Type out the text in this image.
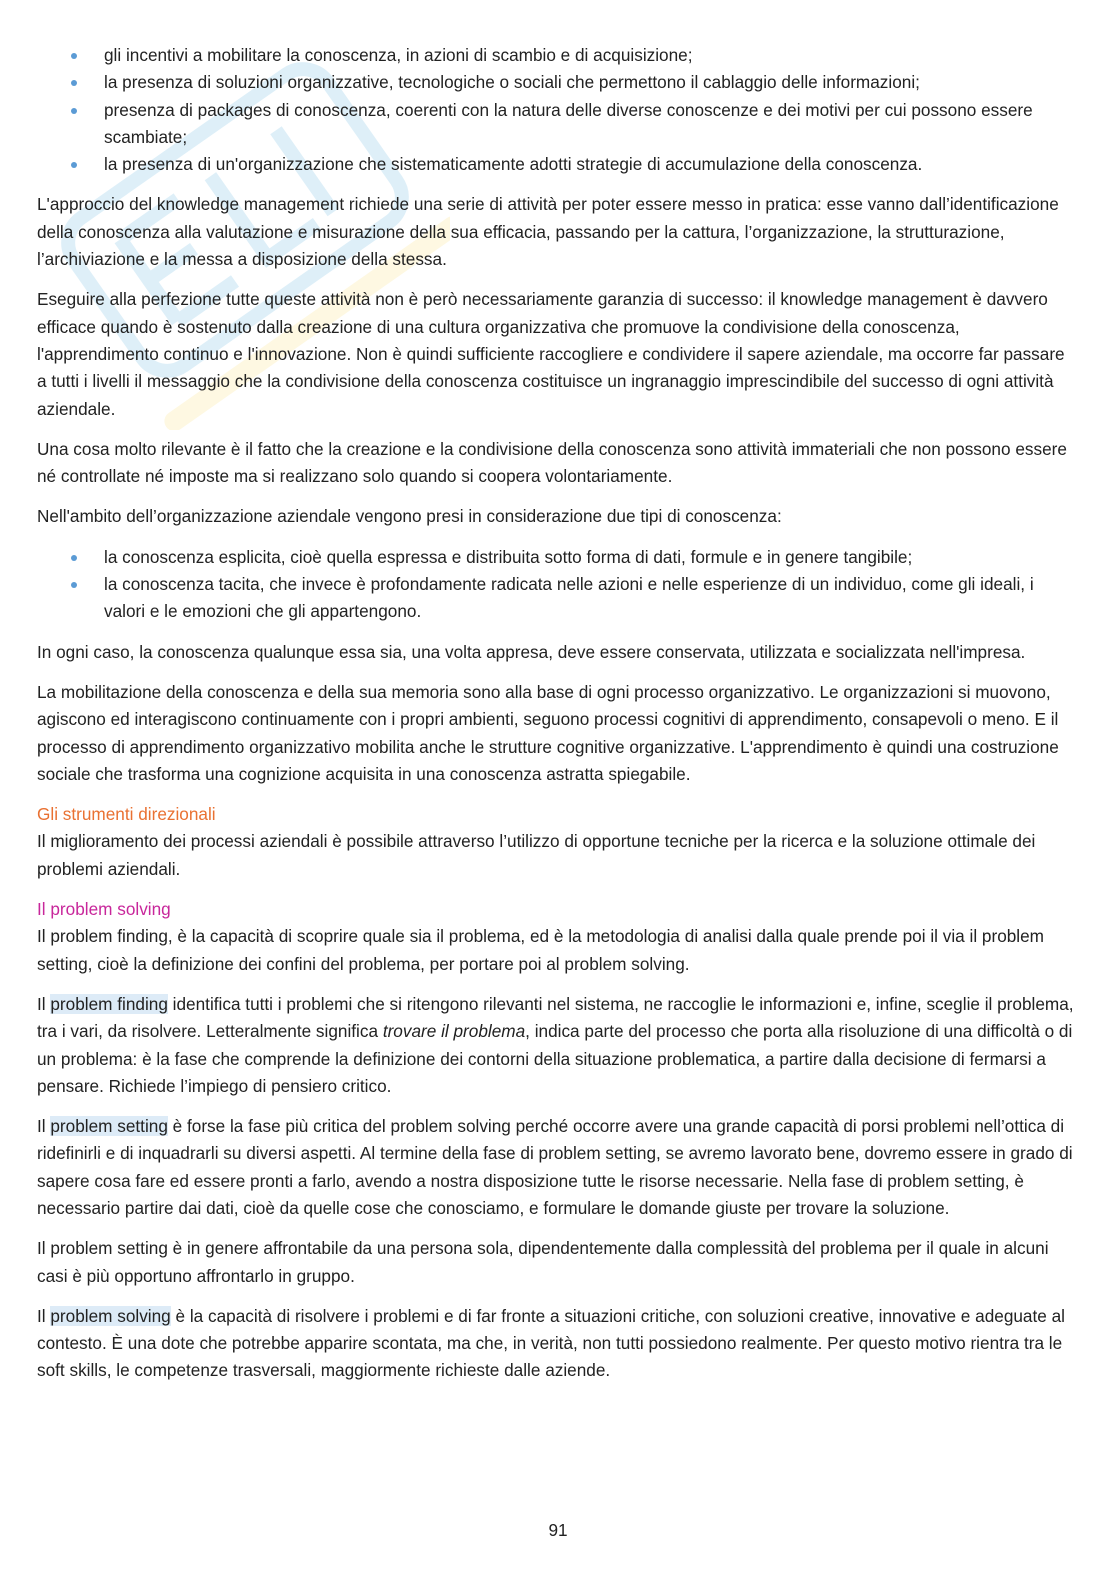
gli incentivi a mobilitare la conoscenza, in azioni di scambio e di acquisizione;
la presenza di soluzioni organizzative, tecnologiche o sociali che permettono il cablaggio delle informazioni;
presenza di packages di conoscenza, coerenti con la natura delle diverse conoscenze e dei motivi per cui possono essere scambiate;
la presenza di un'organizzazione che sistematicamente adotti strategie di accumulazione della conoscenza.

L'approccio del knowledge management richiede una serie di attività per poter essere messo in pratica: esse vanno dall’identificazione della conoscenza alla valutazione e misurazione della sua efficacia, passando per la cattura, l’organizzazione, la strutturazione, l’archiviazione e la messa a disposizione della stessa.

Eseguire alla perfezione tutte queste attività non è però necessariamente garanzia di successo: il knowledge management è davvero efficace quando è sostenuto dalla creazione di una cultura organizzativa che promuove la condivisione della conoscenza, l'apprendimento continuo e l'innovazione. Non è quindi sufficiente raccogliere e condividere il sapere aziendale, ma occorre far passare a tutti i livelli il messaggio che la condivisione della conoscenza costituisce un ingranaggio imprescindibile del successo di ogni attività aziendale.

Una cosa molto rilevante è il fatto che la creazione e la condivisione della conoscenza sono attività immateriali che non possono essere né controllate né imposte ma si realizzano solo quando si coopera volontariamente.

Nell'ambito dell’organizzazione aziendale vengono presi in considerazione due tipi di conoscenza:

la conoscenza esplicita, cioè quella espressa e distribuita sotto forma di dati, formule e in genere tangibile;
la conoscenza tacita, che invece è profondamente radicata nelle azioni e nelle esperienze di un individuo, come gli ideali, i valori e le emozioni che gli appartengono.

In ogni caso, la conoscenza qualunque essa sia, una volta appresa, deve essere conservata, utilizzata e socializzata nell'impresa.

La mobilitazione della conoscenza e della sua memoria sono alla base di ogni processo organizzativo. Le organizzazioni si muovono, agiscono ed interagiscono continuamente con i propri ambienti, seguono processi cognitivi di apprendimento, consapevoli o meno. E il processo di apprendimento organizzativo mobilita anche le strutture cognitive organizzative. L'apprendimento è quindi una costruzione sociale che trasforma una cognizione acquisita in una conoscenza astratta spiegabile.

Gli strumenti direzionali

Il miglioramento dei processi aziendali è possibile attraverso l’utilizzo di opportune tecniche per la ricerca e la soluzione ottimale dei problemi aziendali.

Il problem solving

Il problem finding, è la capacità di scoprire quale sia il problema, ed è la metodologia di analisi dalla quale prende poi il via il problem setting, cioè la definizione dei confini del problema, per portare poi al problem solving.

Il problem finding identifica tutti i problemi che si ritengono rilevanti nel sistema, ne raccoglie le informazioni e, infine, sceglie il problema, tra i vari, da risolvere. Letteralmente significa trovare il problema, indica parte del processo che porta alla risoluzione di una difficoltà o di un problema: è la fase che comprende la definizione dei contorni della situazione problematica, a partire dalla decisione di fermarsi a pensare. Richiede l’impiego di pensiero critico.

Il problem setting è forse la fase più critica del problem solving perché occorre avere una grande capacità di porsi problemi nell’ottica di ridefinirli e di inquadrarli su diversi aspetti. Al termine della fase di problem setting, se avremo lavorato bene, dovremo essere in grado di sapere cosa fare ed essere pronti a farlo, avendo a nostra disposizione tutte le risorse necessarie. Nella fase di problem setting, è necessario partire dai dati, cioè da quelle cose che conosciamo, e formulare le domande giuste per trovare la soluzione.

Il problem setting è in genere affrontabile da una persona sola, dipendentemente dalla complessità del problema per il quale in alcuni casi è più opportuno affrontarlo in gruppo.

Il problem solving è la capacità di risolvere i problemi e di far fronte a situazioni critiche, con soluzioni creative, innovative e adeguate al contesto. È una dote che potrebbe apparire scontata, ma che, in verità, non tutti possiedono realmente. Per questo motivo rientra tra le soft skills, le competenze trasversali, maggiormente richieste dalle aziende.

91
